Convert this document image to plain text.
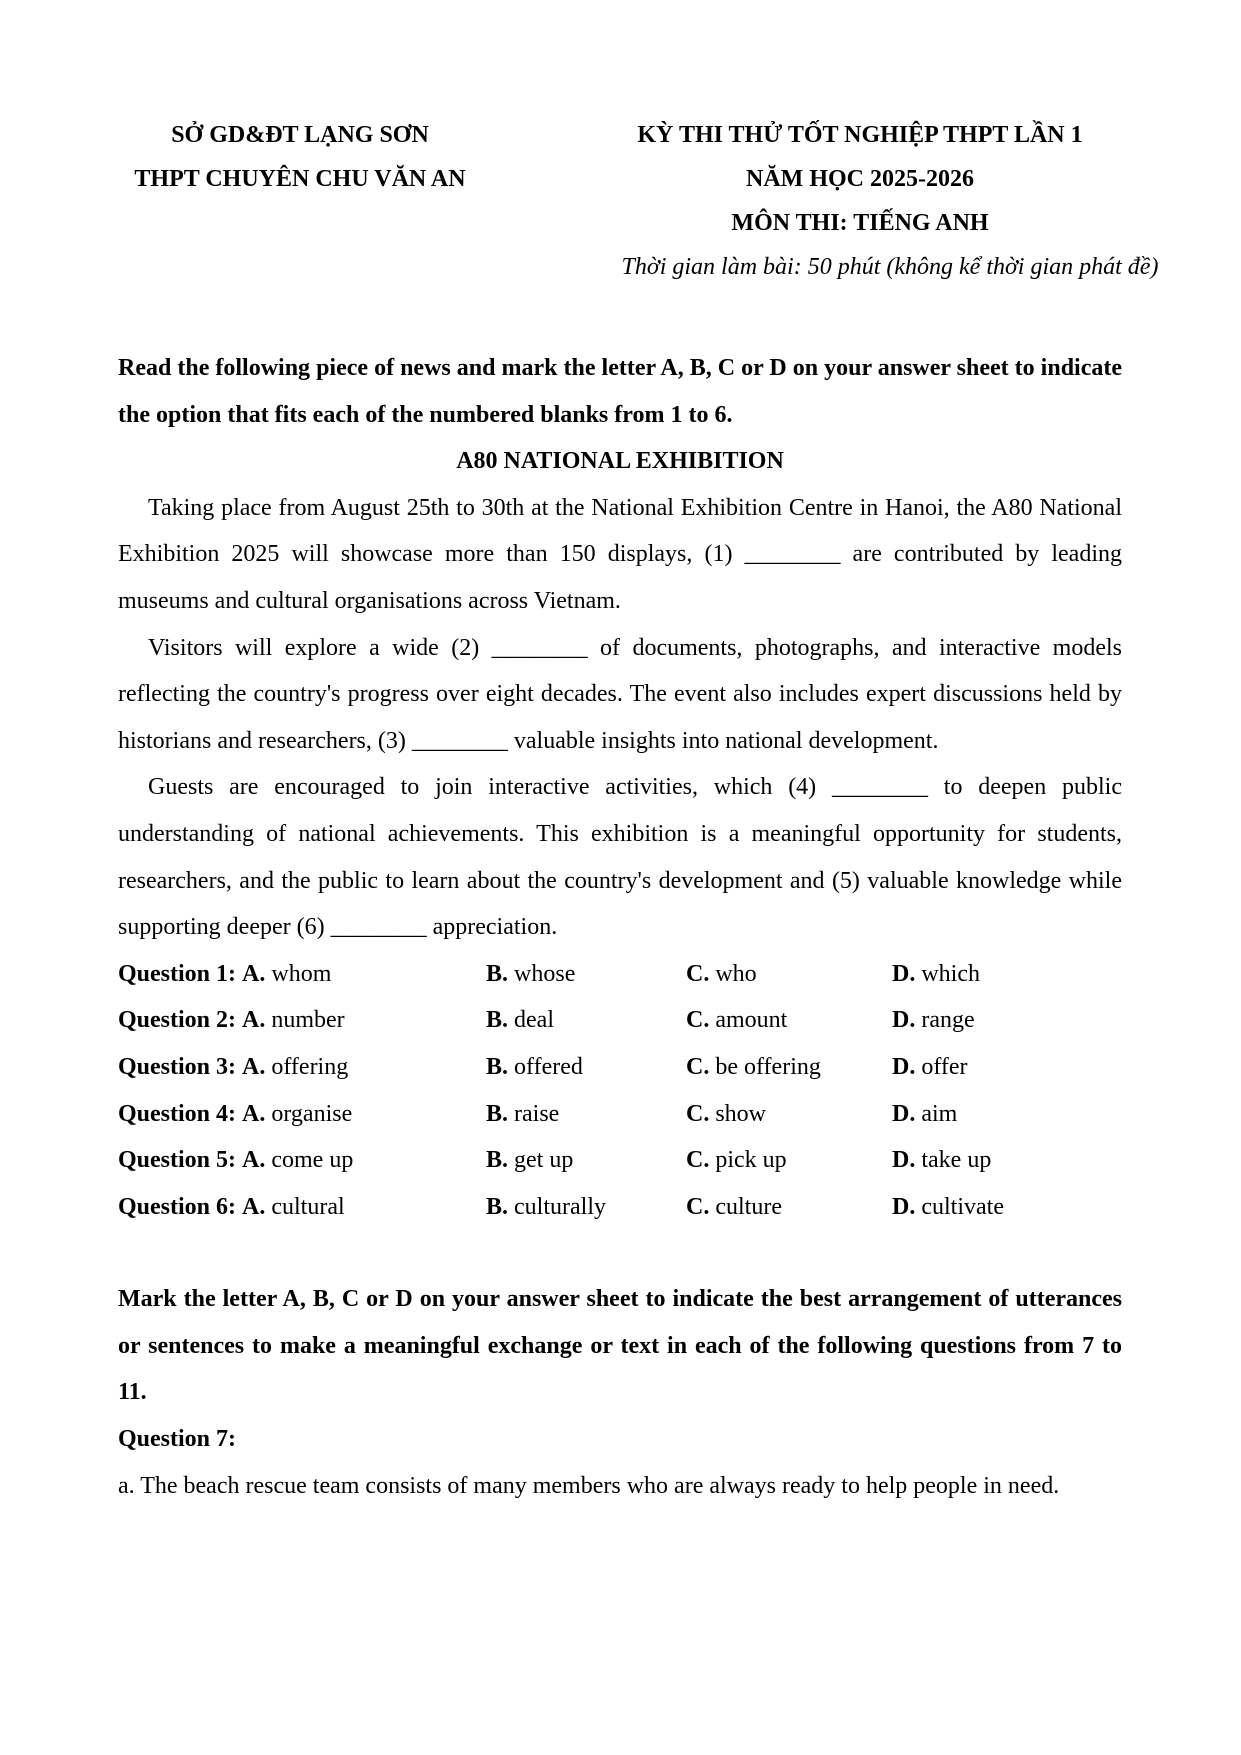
SỞ GD&ĐT LẠNG SƠN
THPT CHUYÊN CHU VĂN AN
KỲ THI THỬ TỐT NGHIỆP THPT LẦN 1
NĂM HỌC 2025-2026
MÔN THI: TIẾNG ANH
Thời gian làm bài: 50 phút (không kể thời gian phát đề)

Read the following piece of news and mark the letter A, B, C or D on your answer sheet to indicate the option that fits each of the numbered blanks from 1 to 6.

A80 NATIONAL EXHIBITION

Taking place from August 25th to 30th at the National Exhibition Centre in Hanoi, the A80 National Exhibition 2025 will showcase more than 150 displays, (1) ________ are contributed by leading museums and cultural organisations across Vietnam.

Visitors will explore a wide (2) ________ of documents, photographs, and interactive models reflecting the country's progress over eight decades. The event also includes expert discussions held by historians and researchers, (3) ________ valuable insights into national development.

Guests are encouraged to join interactive activities, which (4) ________ to deepen public understanding of national achievements. This exhibition is a meaningful opportunity for students, researchers, and the public to learn about the country's development and (5) valuable knowledge while supporting deeper (6) ________ appreciation.

Question 1: A. whom	B. whose	C. who	D. which
Question 2: A. number	B. deal	C. amount	D. range
Question 3: A. offering	B. offered	C. be offering	D. offer
Question 4: A. organise	B. raise	C. show	D. aim
Question 5: A. come up	B. get up	C. pick up	D. take up
Question 6: A. cultural	B. culturally	C. culture	D. cultivate

Mark the letter A, B, C or D on your answer sheet to indicate the best arrangement of utterances or sentences to make a meaningful exchange or text in each of the following questions from 7 to 11.

Question 7:

a. The beach rescue team consists of many members who are always ready to help people in need.
